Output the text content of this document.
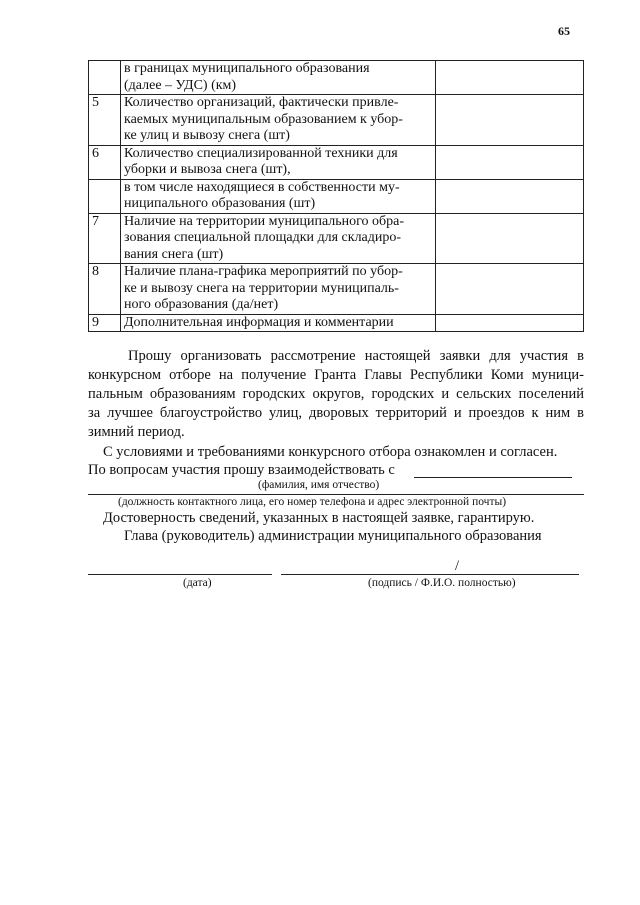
65

	в границах муниципального образования
(далее – УДС) (км)	

5	Количество организаций, фактически привле-
каемых муниципальным образованием к убор-
ке улиц и вывозу снега (шт)	

6	Количество специализированной техники для
уборки и вывоза снега (шт),	

	в том числе находящиеся в собственности му-
ниципального образования (шт)	

7	Наличие на территории муниципального обра-
зования специальной площадки для складиро-
вания снега (шт)	

8	Наличие плана-графика мероприятий по убор-
ке и вывозу снега на территории муниципаль-
ного образования (да/нет)	

9	Дополнительная информация и комментарии	

Прошу организовать рассмотрение настоящей заявки для участия в
конкурсном отборе на получение Гранта Главы Республики Коми муници-
пальным образованиям городских округов, городских и сельских поселений
за лучшее благоустройство улиц, дворовых территорий и проездов к ним в
зимний период.
С условиями и требованиями конкурсного отбора ознакомлен и согласен.
По вопросам участия прошу взаимодействовать с
(фамилия, имя отчество)
(должность контактного лица, его номер телефона и адрес электронной почты)
Достоверность сведений, указанных в настоящей заявке, гарантирую.
Глава (руководитель) администрации муниципального образования
/
(дата)	(подпись / Ф.И.О. полностью)
